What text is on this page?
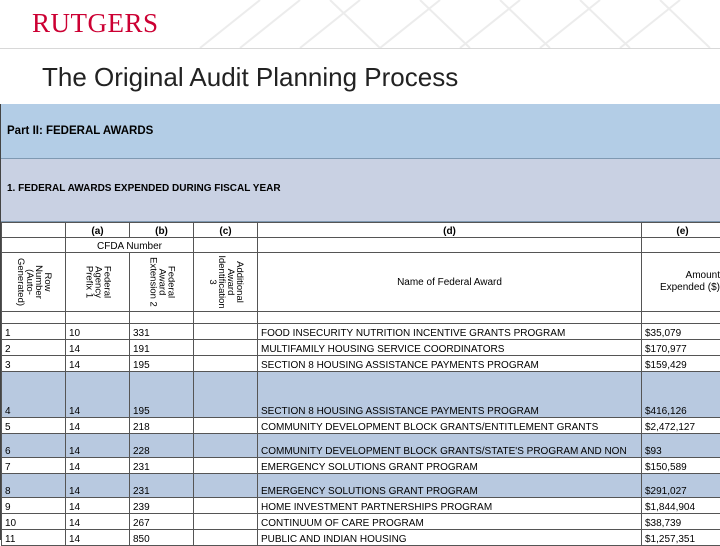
RUTGERS
The Original Audit Planning Process
Part II: FEDERAL AWARDS
1. FEDERAL AWARDS EXPENDED DURING FISCAL YEAR
	(a)	(b)	(c)	(d)	(e)
	CFDA Number				

Row Number (Auto-Generated)	Federal Agency Prefix 1	Federal Award Extension 2	Additional Award Identification 3	Name of Federal Award	Amount Expended ($)

1	10	331		FOOD INSECURITY NUTRITION INCENTIVE GRANTS PROGRAM	$35,079
2	14	191		MULTIFAMILY HOUSING SERVICE COORDINATORS	$170,977
3	14	195		SECTION 8 HOUSING ASSISTANCE PAYMENTS PROGRAM	$159,429
4	14	195		SECTION 8 HOUSING ASSISTANCE PAYMENTS PROGRAM	$416,126
5	14	218		COMMUNITY DEVELOPMENT BLOCK GRANTS/ENTITLEMENT GRANTS	$2,472,127
6	14	228		COMMUNITY DEVELOPMENT BLOCK GRANTS/STATE'S PROGRAM AND NON	$93
7	14	231		EMERGENCY SOLUTIONS GRANT PROGRAM	$150,589
8	14	231		EMERGENCY SOLUTIONS GRANT PROGRAM	$291,027
9	14	239		HOME INVESTMENT PARTNERSHIPS PROGRAM	$1,844,904
10	14	267		CONTINUUM OF CARE PROGRAM	$38,739
11	14	850		PUBLIC AND INDIAN HOUSING	$1,257,351
